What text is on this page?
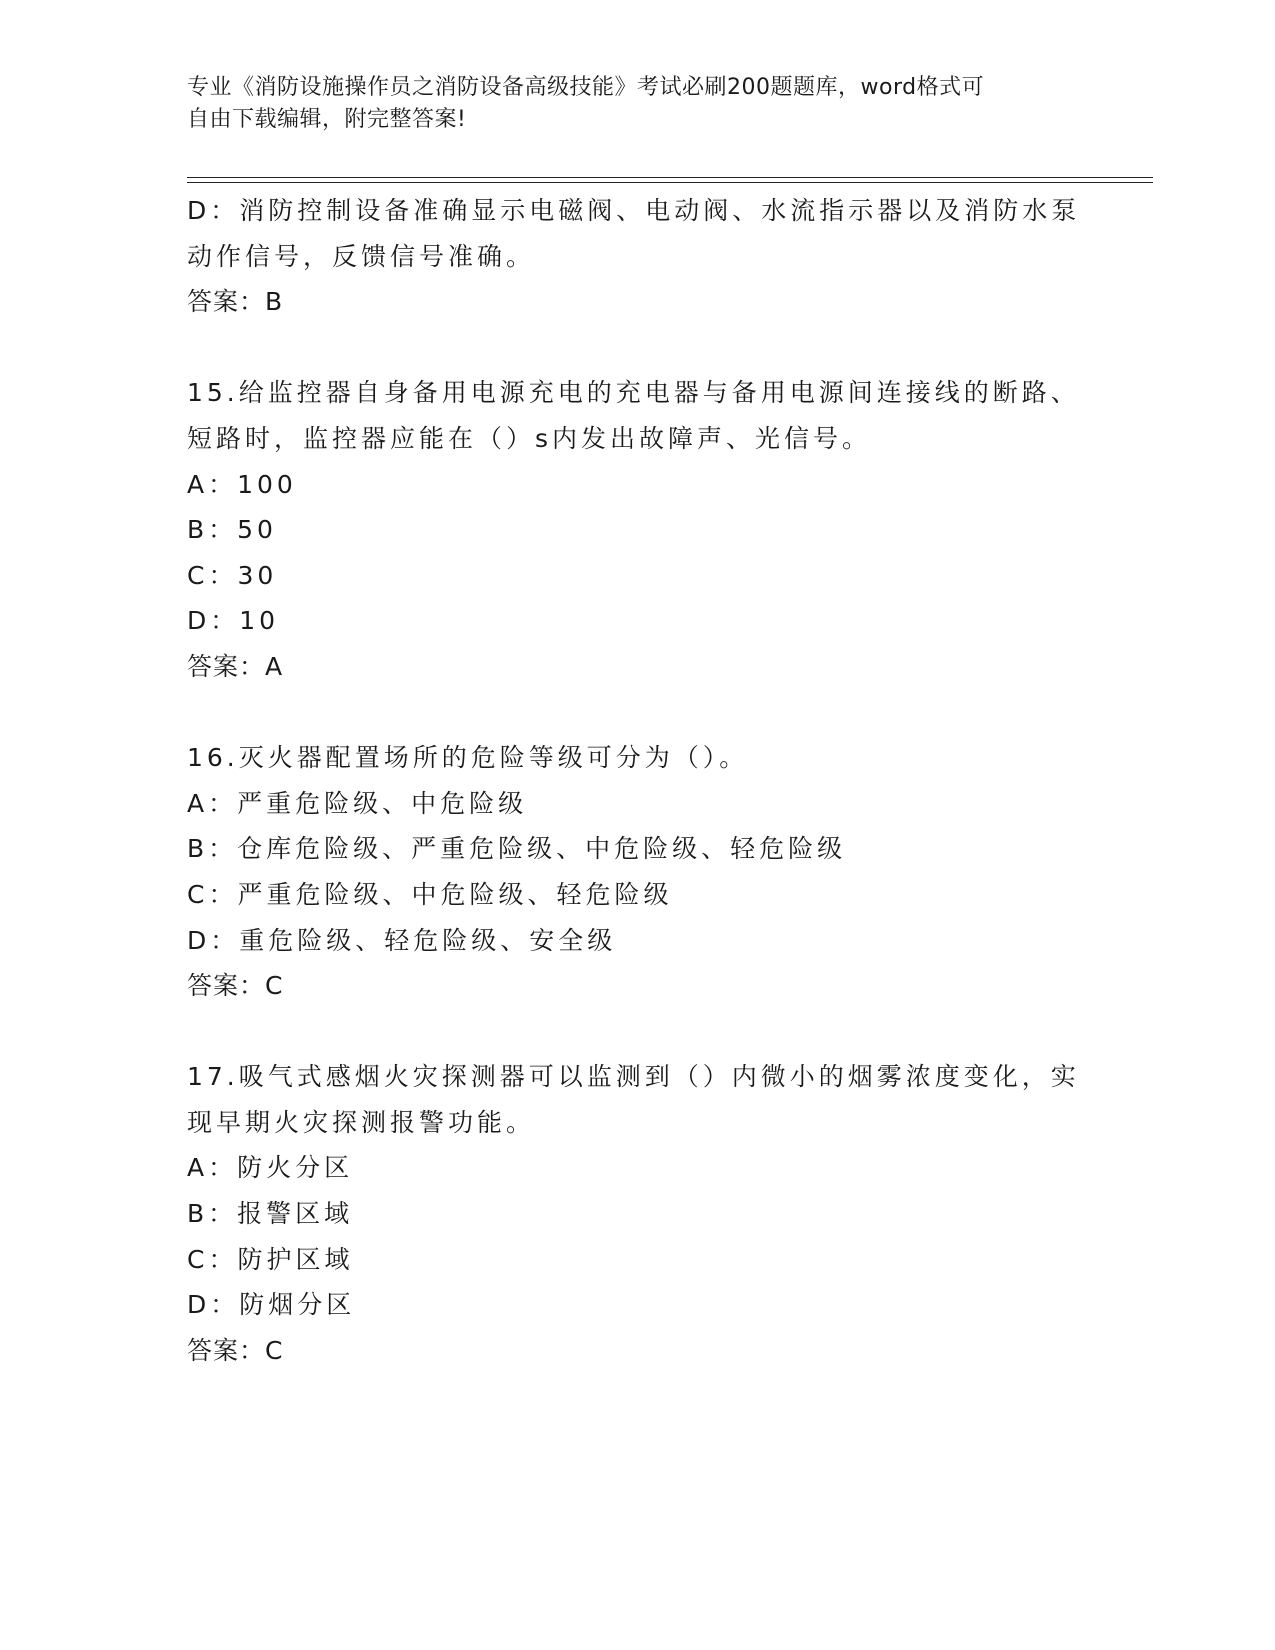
专业《消防设施操作员之消防设备高级技能》考试必刷200题题库，word格式可
自由下载编辑，附完整答案!
D：消防控制设备准确显示电磁阀、电动阀、水流指示器以及消防水泵
动作信号，反馈信号准确。
答案：B
15.给监控器自身备用电源充电的充电器与备用电源间连接线的断路、
短路时，监控器应能在（）s内发出故障声、光信号。
A：100
B：50
C：30
D：10
答案：A
16.灭火器配置场所的危险等级可分为（）。
A：严重危险级、中危险级
B：仓库危险级、严重危险级、中危险级、轻危险级
C：严重危险级、中危险级、轻危险级
D：重危险级、轻危险级、安全级
答案：C
17.吸气式感烟火灾探测器可以监测到（）内微小的烟雾浓度变化，实
现早期火灾探测报警功能。
A：防火分区
B：报警区域
C：防护区域
D：防烟分区
答案：C
